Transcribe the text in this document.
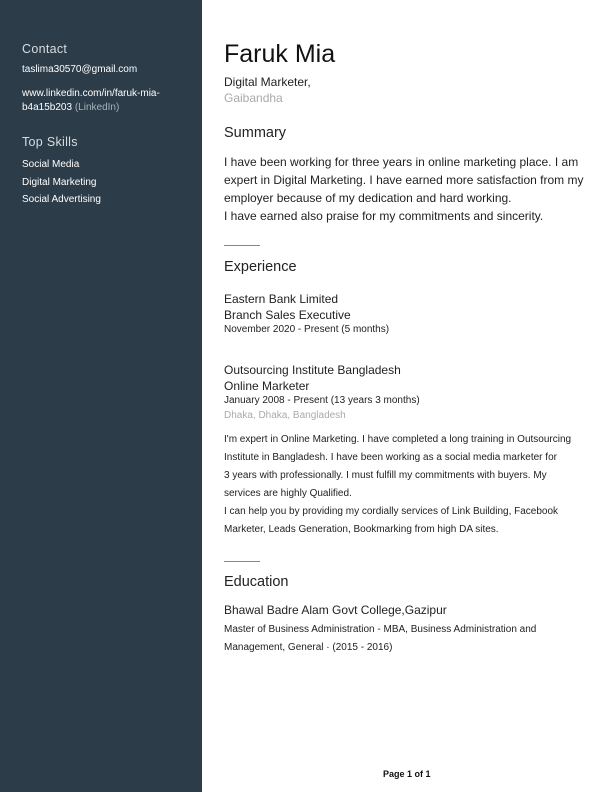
Contact
taslima30570@gmail.com
www.linkedin.com/in/faruk-mia-
b4a15b203 (LinkedIn)
Top Skills
Social Media
Digital Marketing
Social Advertising
Faruk Mia
Digital Marketer,
Gaibandha
Summary
I have been working for three years in online marketing place. I am
expert in Digital Marketing. I have earned more satisfaction from my
employer because of my dedication and hard working.
I have earned also praise for my commitments and sincerity.
Experience
Eastern Bank Limited
Branch Sales Executive
November 2020 - Present (5 months)
Outsourcing Institute Bangladesh
Online Marketer
January 2008 - Present (13 years 3 months)
Dhaka, Dhaka, Bangladesh
I'm expert in Online Marketing. I have completed a long training in Outsourcing
Institute in Bangladesh. I have been working as a social media marketer for
3 years with professionally. I must fulfill my commitments with buyers. My
services are highly Qualified.
I can help you by providing my cordially services of Link Building, Facebook
Marketer, Leads Generation, Bookmarking from high DA sites.
Education
Bhawal Badre Alam Govt College,Gazipur
Master of Business Administration - MBA, Business Administration and
Management, General · (2015 - 2016)
Page 1 of 1
